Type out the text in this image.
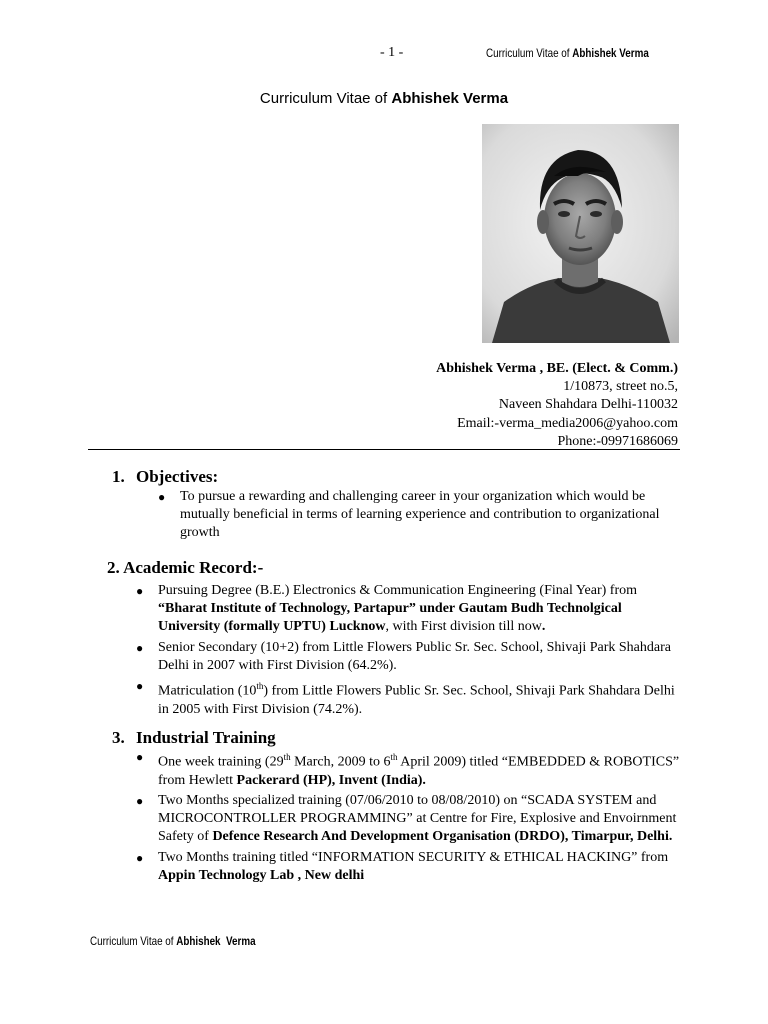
- 1 -	Curriculum Vitae of Abhishek Verma
Curriculum Vitae of Abhishek Verma
Abhishek Verma , BE. (Elect. & Comm.)
1/10873, street no.5,
Naveen Shahdara Delhi-110032
Email:-verma_media2006@yahoo.com
Phone:-09971686069
1. Objectives:
● To pursue a rewarding and challenging career in your organization which would be mutually beneficial in terms of learning experience and contribution to organizational growth
2. Academic Record:-
● Pursuing Degree (B.E.) Electronics & Communication Engineering (Final Year) from “Bharat Institute of Technology, Partapur” under Gautam Budh Technolgical University (formally UPTU) Lucknow, with First division till now.
● Senior Secondary (10+2) from Little Flowers Public Sr. Sec. School, Shivaji Park Shahdara Delhi in 2007 with First Division (64.2%).
● Matriculation (10th) from Little Flowers Public Sr. Sec. School, Shivaji Park Shahdara Delhi in 2005 with First Division (74.2%).
3. Industrial Training
● One week training (29th March, 2009 to 6th April 2009) titled “EMBEDDED & ROBOTICS” from Hewlett Packerard (HP), Invent (India).
● Two Months specialized training (07/06/2010 to 08/08/2010) on “SCADA SYSTEM and MICROCONTROLLER PROGRAMMING” at Centre for Fire, Explosive and Envoirnment Safety of Defence Research And Development Organisation (DRDO), Timarpur, Delhi.
● Two Months training titled “INFORMATION SECURITY & ETHICAL HACKING” from Appin Technology Lab , New delhi
Curriculum Vitae of Abhishek Verma
